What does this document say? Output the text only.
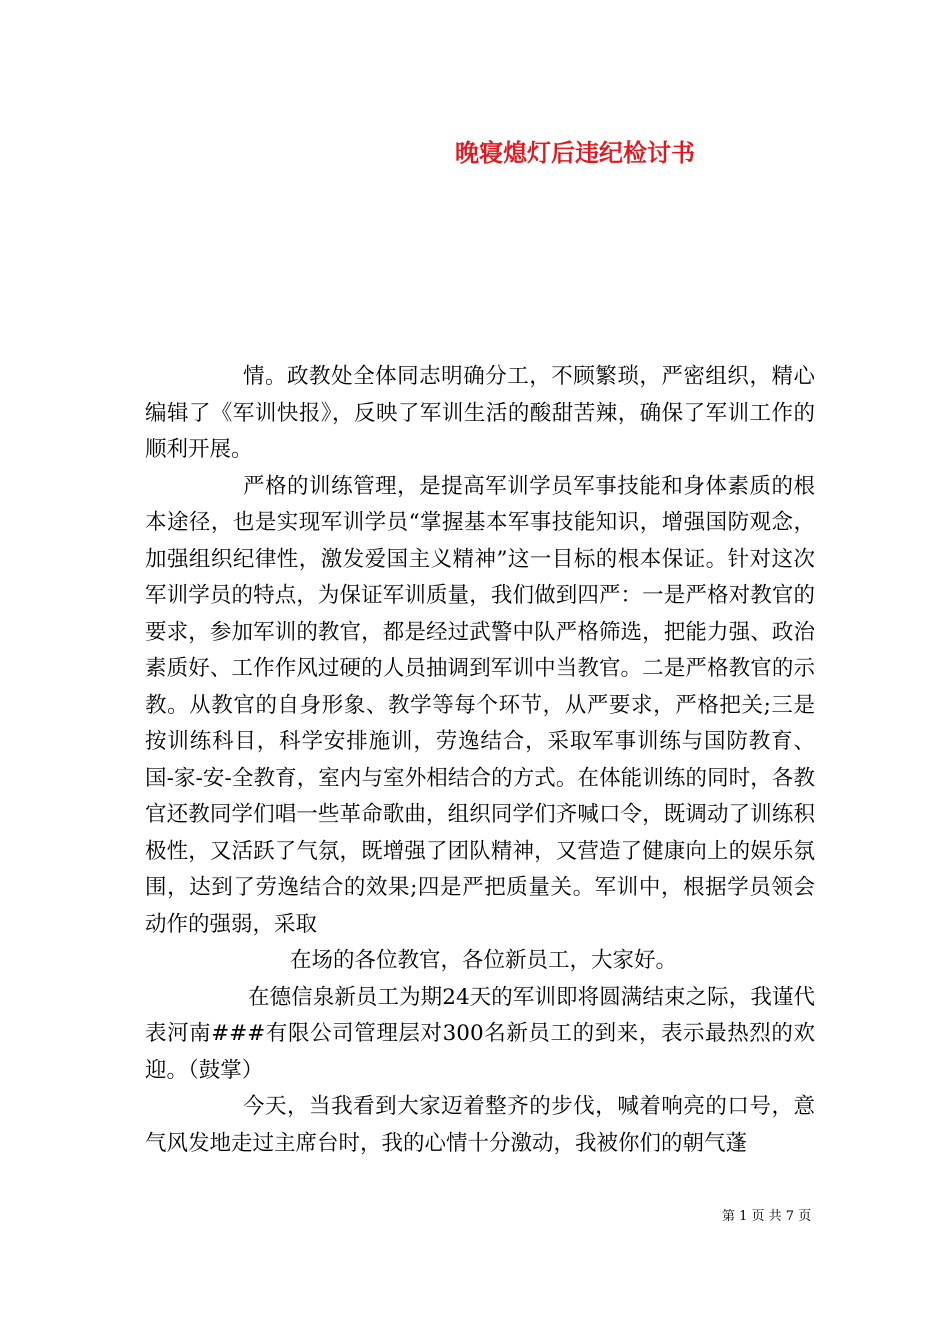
晚寝熄灯后违纪检讨书

情。政教处全体同志明确分工，不顾繁琐，严密组织，精心编辑了《军训快报》，反映了军训生活的酸甜苦辣，确保了军训工作的顺利开展。

严格的训练管理，是提高军训学员军事技能和身体素质的根本途径，也是实现军训学员“掌握基本军事技能知识，增强国防观念，加强组织纪律性，激发爱国主义精神”这一目标的根本保证。针对这次军训学员的特点，为保证军训质量，我们做到四严：一是严格对教官的要求，参加军训的教官，都是经过武警中队严格筛选，把能力强、政治素质好、工作作风过硬的人员抽调到军训中当教官。二是严格教官的示教。从教官的自身形象、教学等每个环节，从严要求，严格把关;三是按训练科目，科学安排施训，劳逸结合，采取军事训练与国防教育、国-家-安-全教育，室内与室外相结合的方式。在体能训练的同时，各教官还教同学们唱一些革命歌曲，组织同学们齐喊口令，既调动了训练积极性，又活跃了气氛，既增强了团队精神，又营造了健康向上的娱乐氛围，达到了劳逸结合的效果;四是严把质量关。军训中，根据学员领会动作的强弱，采取

在场的各位教官，各位新员工，大家好。

在德信泉新员工为期24天的军训即将圆满结束之际，我谨代表河南###有限公司管理层对300名新员工的到来，表示最热烈的欢迎。（鼓掌）

今天，当我看到大家迈着整齐的步伐，喊着响亮的口号，意气风发地走过主席台时，我的心情十分激动，我被你们的朝气蓬

第 1 页 共 7 页
